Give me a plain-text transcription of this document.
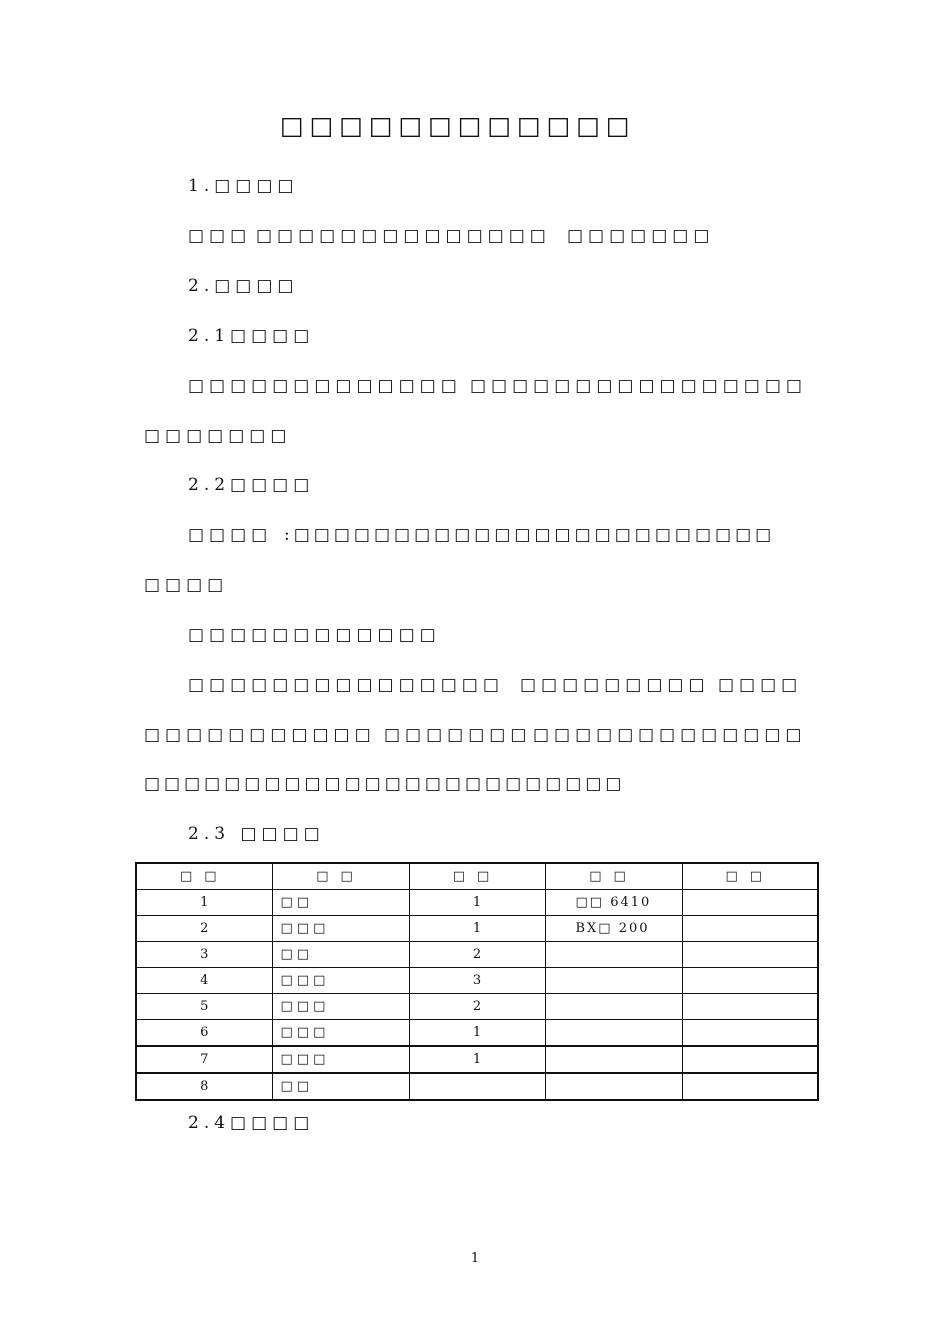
□□□□□□□□□□□□
1.□□□□
□□□ □□□□□□□□□□□□□□ □□□□□□□
2.□□□□
2.1□□□□
□□□□□□□□□□□□□ □□□□□□□□□□□□□□□□
□□□□□□□
2.2□□□□
□□□□ :□□□□□□□□□□□□□□□□□□□□□□□□
□□□□
□□□□□□□□□□□□
□□□□□□□□□□□□□□□ □□□□□□□□□ □□□□
□□□□□□□□□□□ □□□□□□□ □□□□□ □□□□□□□□
□□□□□□□□□□□□□□□□□□□□□□□□
2.3 □□□□
□□	□□	□□	□□	□□
1	□□	1	□□ 6410	
2	□□□	1	BX□ 200	
3	□□	2		
4	□□□	3		
5	□□□	2		
6	□□□	1		
7	□□□	1		
8	□□			
2.4□□□□
1
